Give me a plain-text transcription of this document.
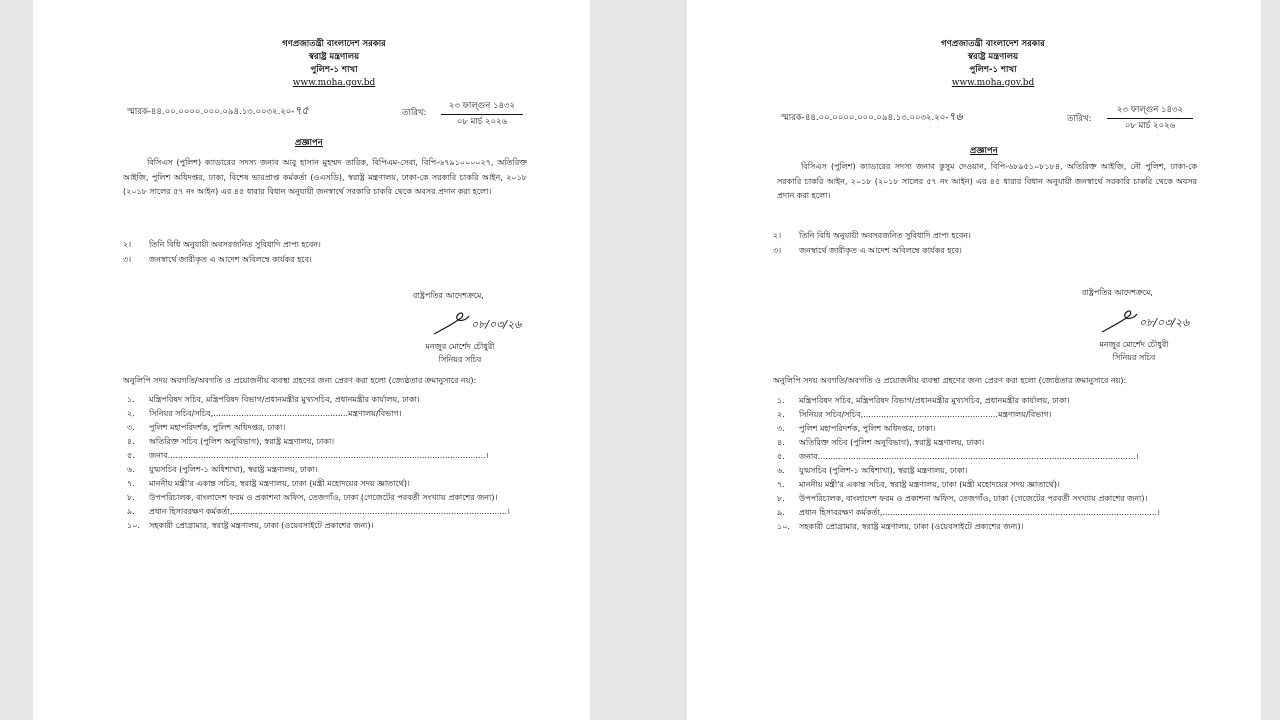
গণপ্রজাতন্ত্রী বাংলাদেশ সরকার
স্বরাষ্ট্র মন্ত্রণালয়
পুলিশ-১ শাখা
www.moha.gov.bd
স্মারক-৪৪.০০.০০০০.০০০.০৯৪.১৩.০০৩২.২০-৭৫	তারিখ:
২৩ ফাল্গুন ১৪৩২
০৮ মার্চ ২০২৬
প্রজ্ঞাপন
বিসিএস (পুলিশ) ক্যাডারের সদস্য জনাব আবু হাসান মুহম্মদ তারিক, বিপিএম-সেবা, বিপি-৬৭৯১০০০০২৭, অতিরিক্ত আইজি, পুলিশ অধিদপ্তর, ঢাকা, বিশেষ ভারপ্রাপ্ত কর্মকর্তা (ওএসডি), স্বরাষ্ট্র মন্ত্রণালয়, ঢাকা-কে সরকারি চাকরি আইন, ২০১৮ (২০১৮ সালের ৫৭ নং আইন) এর ৪৫ ধারার বিধান অনুযায়ী জনস্বার্থে সরকারি চাকরি থেকে অবসর প্রদান করা হলো।
২।	তিনি বিধি অনুযায়ী অবসরজনিত সুবিধাদি প্রাপ্য হবেন।
৩।	জনস্বার্থে জারীকৃত এ আদেশ অবিলম্বে কার্যকর হবে।
রাষ্ট্রপতির আদেশক্রমে,
০৮/০৩/২৬
মনজুর মোর্শেদ চৌধুরী
সিনিয়র সচিব
অনুলিপি সদয় অবগতি/অবগতি ও প্রয়োজনীয় ব্যবস্থা গ্রহণের জন্য প্রেরণ করা হলো (জ্যেষ্ঠতার ক্রমানুসারে নয়):
১.	মন্ত্রিপরিষদ সচিব, মন্ত্রিপরিষদ বিভাগ/প্রধানমন্ত্রীর মুখ্যসচিব, প্রধানমন্ত্রীর কার্যালয়, ঢাকা।
২.	সিনিয়র সচিব/সচিব,.....................................................মন্ত্রণালয়/বিভাগ।
৩.	পুলিশ মহাপরিদর্শক, পুলিশ অধিদপ্তর, ঢাকা।
৪.	অতিরিক্ত সচিব (পুলিশ অনুবিভাগ), স্বরাষ্ট্র মন্ত্রণালয়, ঢাকা।
৫.	জনাব.............................................................................................................................।
৬.	যুগ্মসচিব (পুলিশ-১ অধিশাখা), স্বরাষ্ট্র মন্ত্রণালয়, ঢাকা।
৭.	মাননীয় মন্ত্রী'র একান্ত সচিব, স্বরাষ্ট্র মন্ত্রণালয়, ঢাকা (মন্ত্রী মহোদয়ের সদয় জ্ঞাতার্থে)।
৮.	উপপরিচালক, বাংলাদেশ ফরম ও প্রকাশনা অফিস, তেজগাঁও, ঢাকা (গেজেটের পরবর্তী সংখ্যায় প্রকাশের জন্য)।
৯.	প্রধান হিসাবরক্ষণ কর্মকর্তা,............................................................................................................।
১০.	সহকারী প্রোগ্রামার, স্বরাষ্ট্র মন্ত্রণালয়, ঢাকা (ওয়েবসাইটে প্রকাশের জন্য)।
গণপ্রজাতন্ত্রী বাংলাদেশ সরকার
স্বরাষ্ট্র মন্ত্রণালয়
পুলিশ-১ শাখা
www.moha.gov.bd
স্মারক-৪৪.০০.০০০০.০০০.০৯৪.১৩.০০৩২.২০-৭৬	তারিখ:
২৩ ফাল্গুন ১৪৩২
০৮ মার্চ ২০২৬
প্রজ্ঞাপন
বিসিএস (পুলিশ) ক্যাডারের সদস্য জনাব কুসুম দেওয়ান, বিপি-৬৮৯৫১০৮১৮৪, অতিরিক্ত আইজি, নৌ পুলিশ, ঢাকা-কে সরকারি চাকরি আইন, ২০১৮ (২০১৮ সালের ৫৭ নং আইন) এর ৪৫ ধারার বিধান অনুযায়ী জনস্বার্থে সরকারি চাকরি থেকে অবসর প্রদান করা হলো।
২।	তিনি বিধি অনুযায়ী অবসরজনিত সুবিধাদি প্রাপ্য হবেন।
৩।	জনস্বার্থে জারীকৃত এ আদেশ অবিলম্বে কার্যকর হবে।
রাষ্ট্রপতির আদেশক্রমে,
০৮/০৩/২৬
মনজুর মোর্শেদ চৌধুরী
সিনিয়র সচিব
অনুলিপি সদয় অবগতি/অবগতি ও প্রয়োজনীয় ব্যবস্থা গ্রহণের জন্য প্রেরণ করা হলো (জ্যেষ্ঠতার ক্রমানুসারে নয়):
১.	মন্ত্রিপরিষদ সচিব, মন্ত্রিপরিষদ বিভাগ/প্রধানমন্ত্রীর মুখ্যসচিব, প্রধানমন্ত্রীর কার্যালয়, ঢাকা।
২.	সিনিয়র সচিব/সচিব,.....................................................মন্ত্রণালয়/বিভাগ।
৩.	পুলিশ মহাপরিদর্শক, পুলিশ অধিদপ্তর, ঢাকা।
৪.	অতিরিক্ত সচিব (পুলিশ অনুবিভাগ), স্বরাষ্ট্র মন্ত্রণালয়, ঢাকা।
৫.	জনাব.............................................................................................................................।
৬.	যুগ্মসচিব (পুলিশ-১ অধিশাখা), স্বরাষ্ট্র মন্ত্রণালয়, ঢাকা।
৭.	মাননীয় মন্ত্রী'র একান্ত সচিব, স্বরাষ্ট্র মন্ত্রণালয়, ঢাকা (মন্ত্রী মহোদয়ের সদয় জ্ঞাতার্থে)।
৮.	উপপরিচালক, বাংলাদেশ ফরম ও প্রকাশনা অফিস, তেজগাঁও, ঢাকা (গেজেটের পরবর্তী সংখ্যায় প্রকাশের জন্য)।
৯.	প্রধান হিসাবরক্ষণ কর্মকর্তা,............................................................................................................।
১০.	সহকারী প্রোগ্রামার, স্বরাষ্ট্র মন্ত্রণালয়, ঢাকা (ওয়েবসাইটে প্রকাশের জন্য)।
